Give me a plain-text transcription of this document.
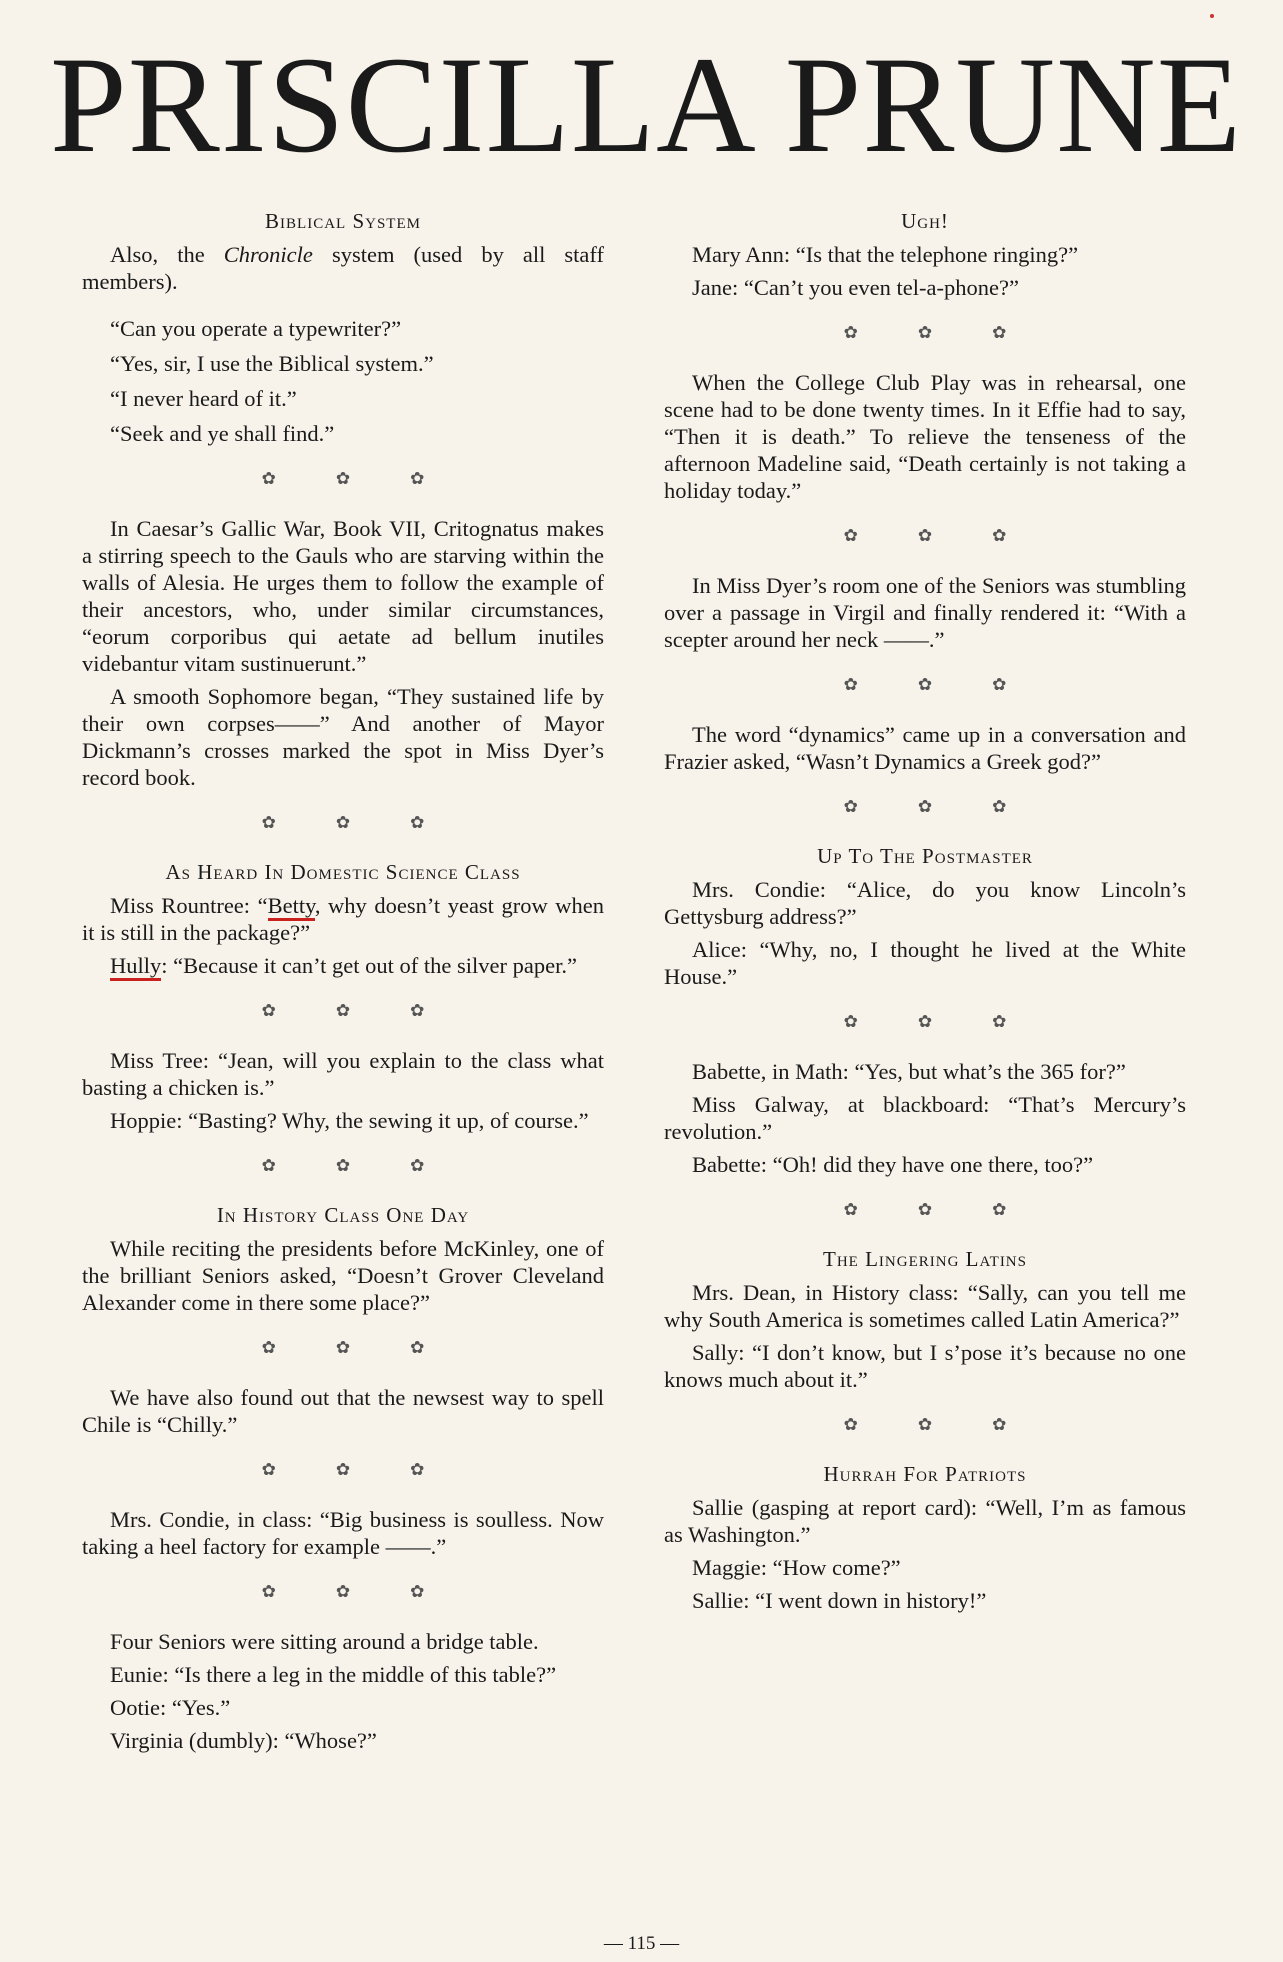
PRISCILLA PRUNE
Biblical System

Also, the Chronicle system (used by all staff members).

“Can you operate a typewriter?”

“Yes, sir, I use the Biblical system.”

“I never heard of it.”

“Seek and ye shall find.”

✿	✿	✿

In Caesar’s Gallic War, Book VII, Critognatus makes a stirring speech to the Gauls who are starving within the walls of Alesia. He urges them to follow the example of their ancestors, who, under similar circumstances, “eorum corporibus qui aetate ad bellum inutiles videbantur vitam sustinuerunt.”

A smooth Sophomore began, “They sustained life by their own corpses——” And another of Mayor Dickmann’s crosses marked the spot in Miss Dyer’s record book.

✿	✿	✿
As Heard In Domestic Science Class

Miss Rountree: “Betty, why doesn’t yeast grow when it is still in the package?”

Hully: “Because it can’t get out of the silver paper.”

✿	✿	✿

Miss Tree: “Jean, will you explain to the class what basting a chicken is.”

Hoppie: “Basting? Why, the sewing it up, of course.”

✿	✿	✿
In History Class One Day

While reciting the presidents before McKinley, one of the brilliant Seniors asked, “Doesn’t Grover Cleveland Alexander come in there some place?”

✿	✿	✿

We have also found out that the newsest way to spell Chile is “Chilly.”

✿	✿	✿

Mrs. Condie, in class: “Big business is soulless. Now taking a heel factory for example ——.”

✿	✿	✿

Four Seniors were sitting around a bridge table.

Eunie: “Is there a leg in the middle of this table?”

Ootie: “Yes.”

Virginia (dumbly): “Whose?”

Ugh!

Mary Ann: “Is that the telephone ringing?”

Jane: “Can’t you even tel-a-phone?”

✿	✿	✿

When the College Club Play was in rehearsal, one scene had to be done twenty times. In it Effie had to say, “Then it is death.” To relieve the tenseness of the afternoon Madeline said, “Death certainly is not taking a holiday today.”

✿	✿	✿

In Miss Dyer’s room one of the Seniors was stumbling over a passage in Virgil and finally rendered it: “With a scepter around her neck ——.”

✿	✿	✿

The word “dynamics” came up in a conversation and Frazier asked, “Wasn’t Dynamics a Greek god?”

✿	✿	✿
Up To The Postmaster

Mrs. Condie: “Alice, do you know Lincoln’s Gettysburg address?”

Alice: “Why, no, I thought he lived at the White House.”

✿	✿	✿

Babette, in Math: “Yes, but what’s the 365 for?”

Miss Galway, at blackboard: “That’s Mercury’s revolution.”

Babette: “Oh! did they have one there, too?”

✿	✿	✿
The Lingering Latins

Mrs. Dean, in History class: “Sally, can you tell me why South America is sometimes called Latin America?”

Sally: “I don’t know, but I s’pose it’s because no one knows much about it.”

✿	✿	✿
Hurrah For Patriots

Sallie (gasping at report card): “Well, I’m as famous as Washington.”

Maggie: “How come?”

Sallie: “I went down in history!”

— 115 —
